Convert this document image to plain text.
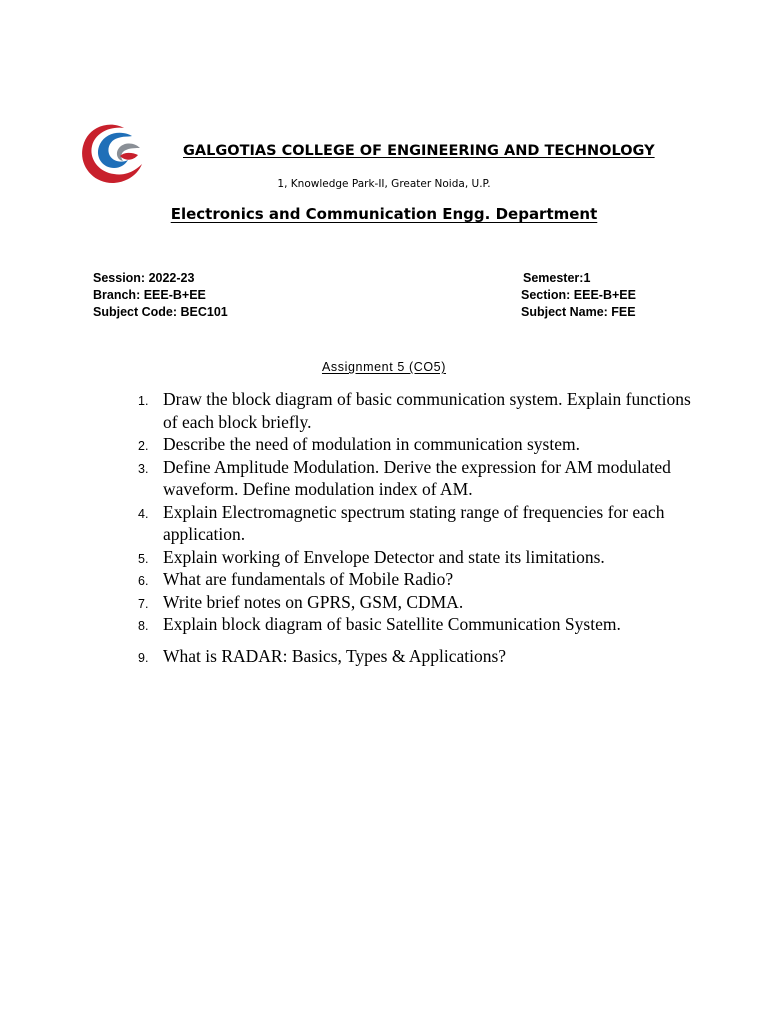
GALGOTIAS COLLEGE OF ENGINEERING AND TECHNOLOGY
1, Knowledge Park-II, Greater Noida, U.P.
Electronics and Communication Engg. Department
Session: 2022-23	Semester:1
Branch: EEE-B+EE	Section: EEE-B+EE
Subject Code: BEC101	Subject Name: FEE
Assignment 5 (CO5)
1. Draw the block diagram of basic communication system. Explain functions of each block briefly.
2. Describe the need of modulation in communication system.
3. Define Amplitude Modulation. Derive the expression for AM modulated waveform. Define modulation index of AM.
4. Explain Electromagnetic spectrum stating range of frequencies for each application.
5. Explain working of Envelope Detector and state its limitations.
6. What are fundamentals of Mobile Radio?
7. Write brief notes on GPRS, GSM, CDMA.
8. Explain block diagram of basic Satellite Communication System.
9. What is RADAR: Basics, Types & Applications?
